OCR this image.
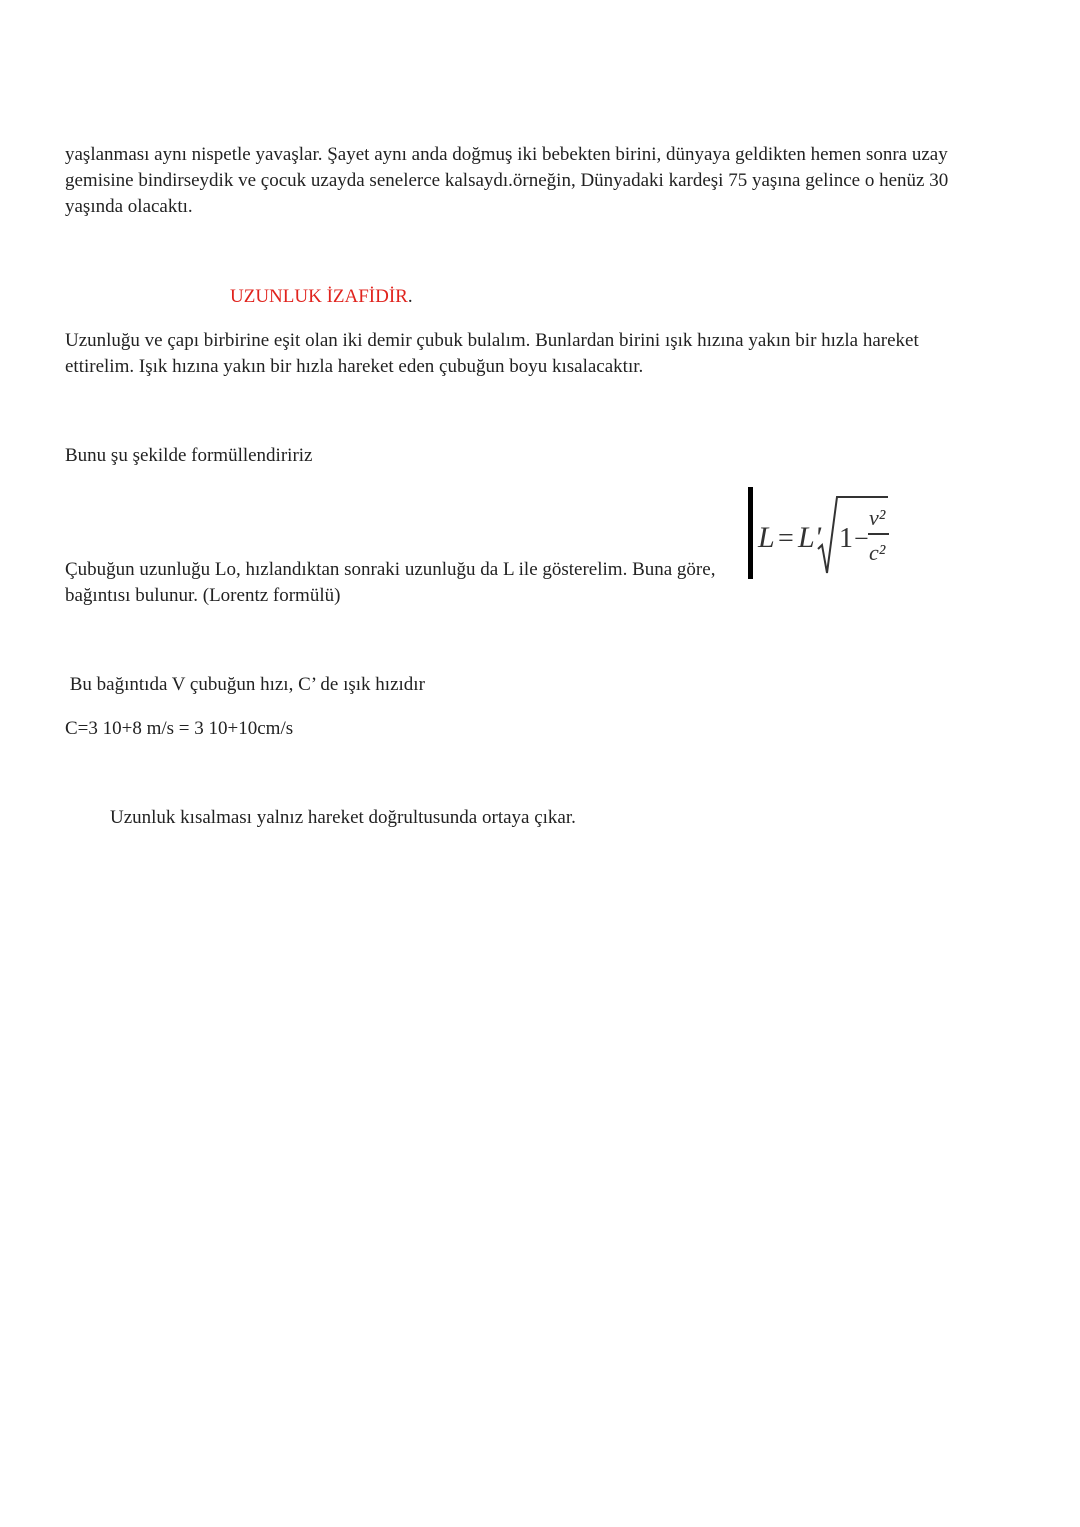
yaşlanması aynı nispetle yavaşlar. Şayet aynı anda doğmuş iki bebekten birini, dünyaya geldikten hemen sonra uzay
gemisine bindirseydik ve çocuk uzayda senelerce kalsaydı.örneğin, Dünyadaki kardeşi 75 yaşına gelince o henüz 30
yaşında olacaktı.
UZUNLUK İZAFİDİR.
Uzunluğu ve çapı birbirine eşit olan iki demir çubuk bulalım. Bunlardan birini ışık hızına yakın bir hızla hareket
ettirelim. Işık hızına yakın bir hızla hareket eden çubuğun boyu kısalacaktır.
Bunu şu şekilde formüllendiririz
Çubuğun uzunluğu Lo, hızlandıktan sonraki uzunluğu da L ile gösterelim. Buna göre,
bağıntısı bulunur. (Lorentz formülü)
L = L' 1 −
v²
c²
Bu bağıntıda V çubuğun hızı, C’ de ışık hızıdır
C=3 10+8 m/s = 3 10+10cm/s
Uzunluk kısalması yalnız hareket doğrultusunda ortaya çıkar.
